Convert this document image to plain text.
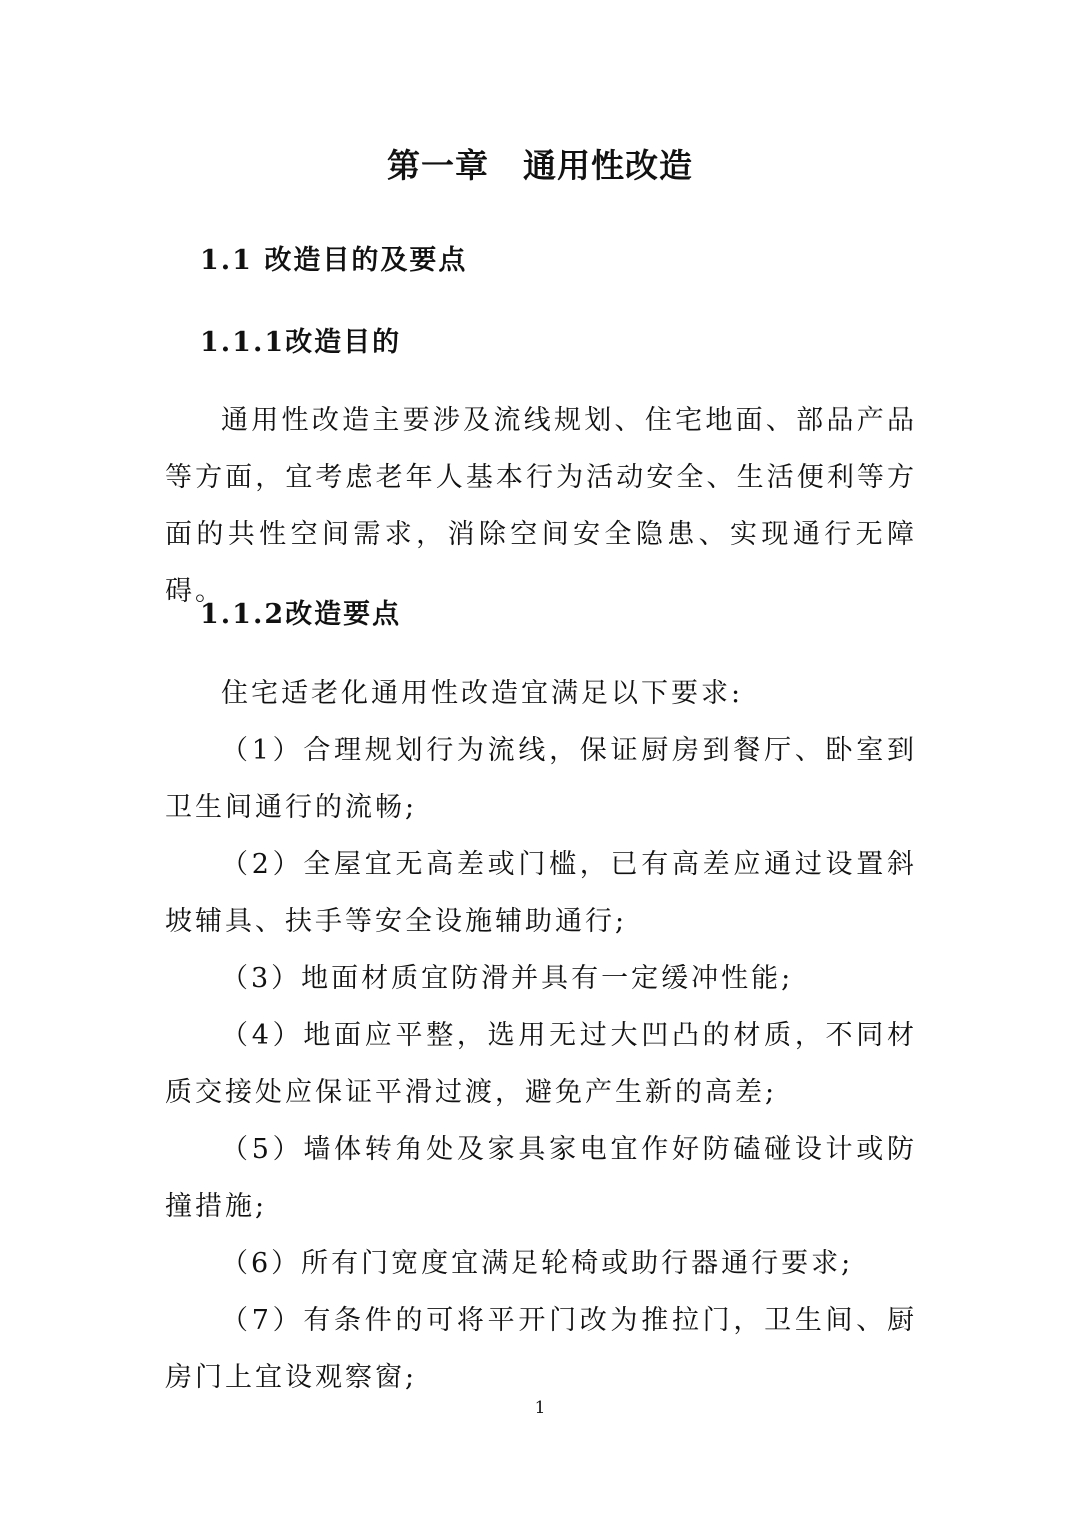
第一章　通用性改造
1.1 改造目的及要点
1.1.1改造目的
通用性改造主要涉及流线规划、住宅地面、部品产品等方面，宜考虑老年人基本行为活动安全、生活便利等方面的共性空间需求，消除空间安全隐患、实现通行无障碍。
1.1.2改造要点
住宅适老化通用性改造宜满足以下要求:

（1）合理规划行为流线，保证厨房到餐厅、卧室到卫生间通行的流畅;

（2）全屋宜无高差或门槛，已有高差应通过设置斜坡辅具、扶手等安全设施辅助通行;

（3）地面材质宜防滑并具有一定缓冲性能;

（4）地面应平整，选用无过大凹凸的材质，不同材质交接处应保证平滑过渡，避免产生新的高差;

（5）墙体转角处及家具家电宜作好防磕碰设计或防撞措施;

（6）所有门宽度宜满足轮椅或助行器通行要求;

（7）有条件的可将平开门改为推拉门，卫生间、厨房门上宜设观察窗;

1
